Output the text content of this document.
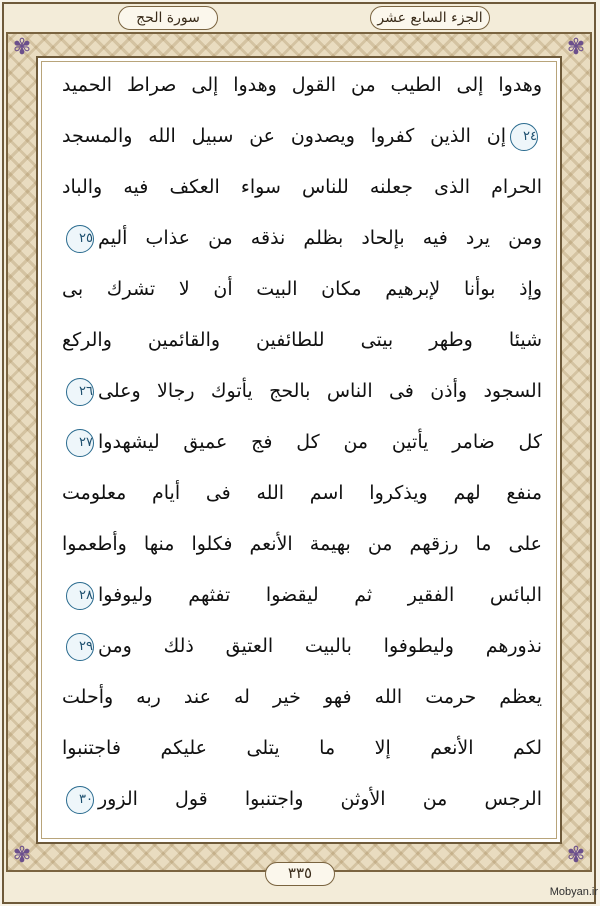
✾	✾
✾	✾
سورة الحج	الجزء السابع عشر
وهدوا إلى الطيب من القول وهدوا إلى صراط الحميد
٢٤إن الذين كفروا ويصدون عن سبيل الله والمسجد
الحرام الذى جعلنه للناس سواء العكف فيه والباد
ومن يرد فيه بإلحاد بظلم نذقه من عذاب أليم٢٥
وإذ بوأنا لإبرهيم مكان البيت أن لا تشرك بى
شيئا وطهر بيتى للطائفين والقائمين والركع
السجود وأذن فى الناس بالحج يأتوك رجالا وعلى٢٦
كل ضامر يأتين من كل فج عميق ليشهدوا٢٧
منفع لهم ويذكروا اسم الله فى أيام معلومت
على ما رزقهم من بهيمة الأنعم فكلوا منها وأطعموا
البائس الفقير ثم ليقضوا تفثهم وليوفوا٢٨
نذورهم وليطوفوا بالبيت العتيق ذلك ومن٢٩
يعظم حرمت الله فهو خير له عند ربه وأحلت
لكم الأنعم إلا ما يتلى عليكم فاجتنبوا
الرجس من الأوثن واجتنبوا قول الزور٣٠
٣٣٥
Mobyan.ir
